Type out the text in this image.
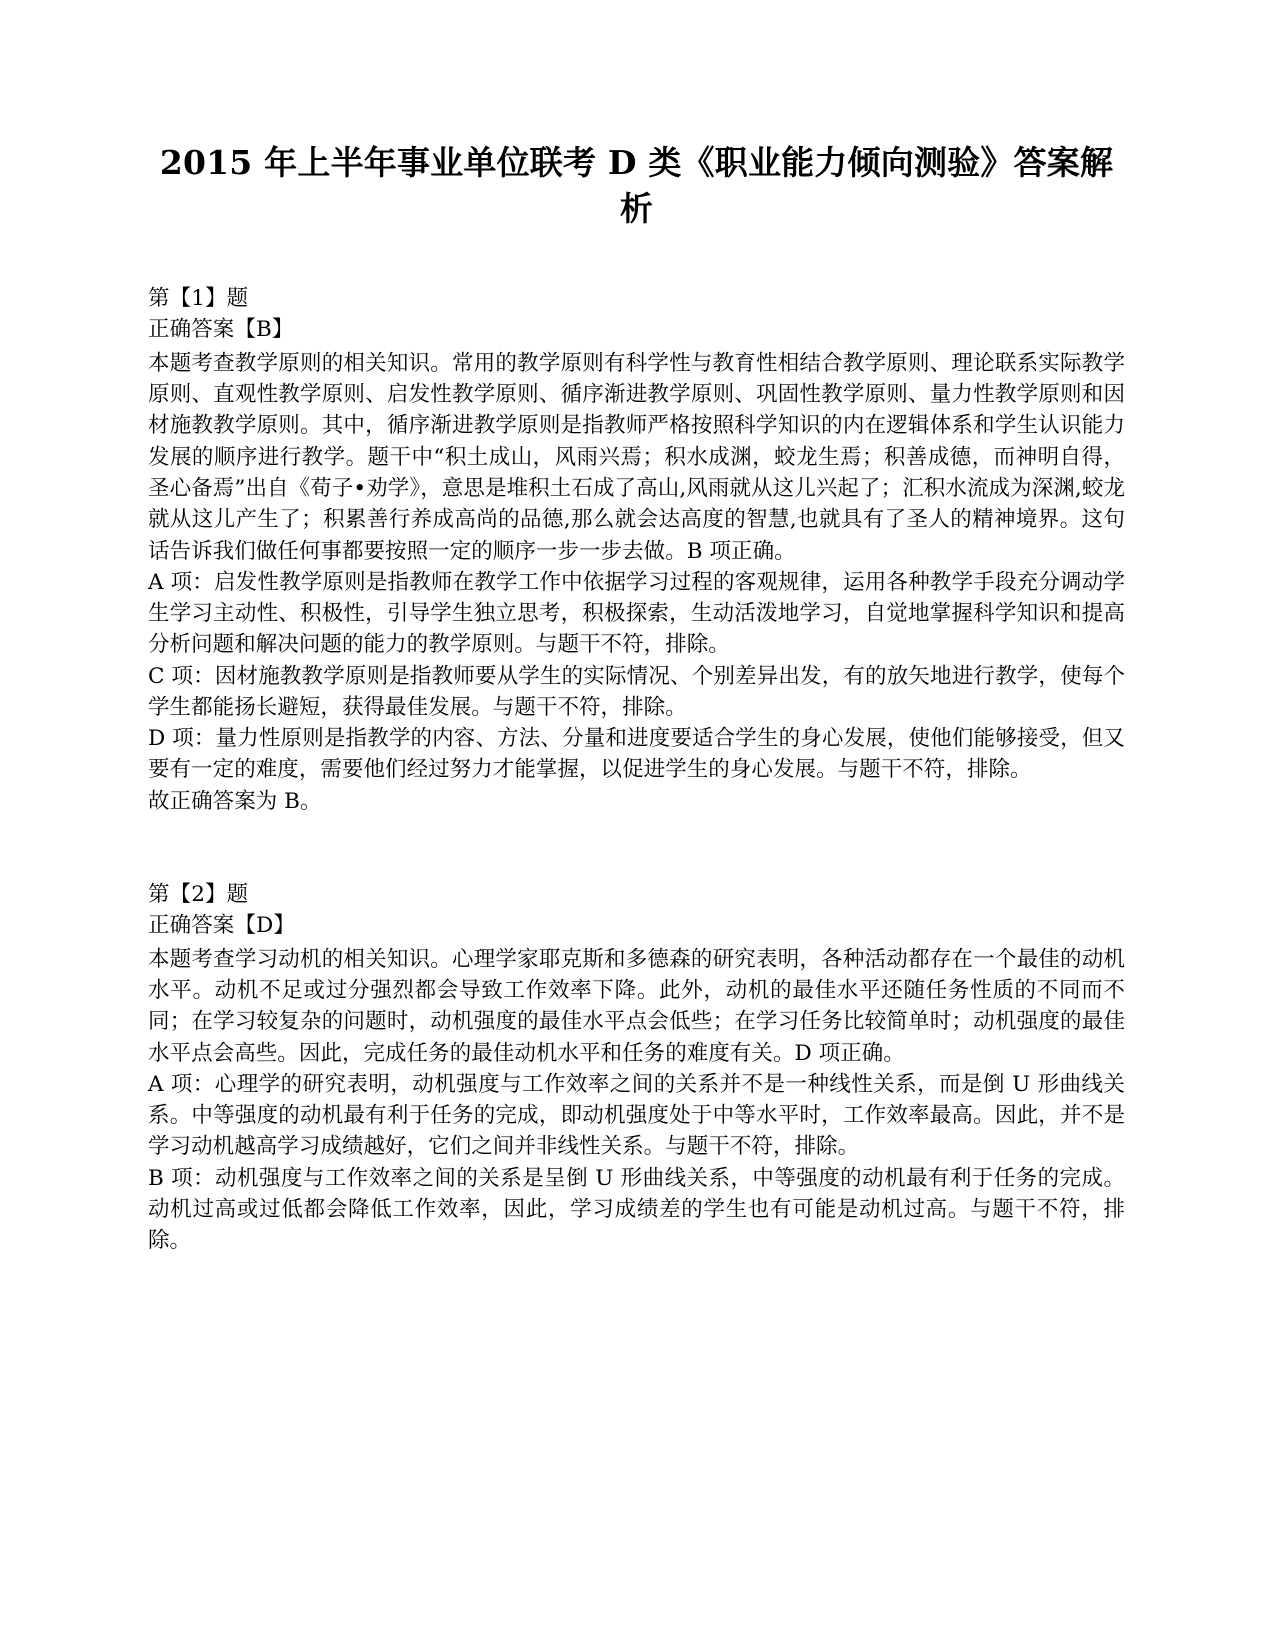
2015 年上半年事业单位联考 D 类《职业能力倾向测验》答案解析
第【1】题
正确答案【B】

本题考查教学原则的相关知识。常用的教学原则有科学性与教育性相结合教学原则、理论联系实际教学原则、直观性教学原则、启发性教学原则、循序渐进教学原则、巩固性教学原则、量力性教学原则和因材施教教学原则。其中，循序渐进教学原则是指教师严格按照科学知识的内在逻辑体系和学生认识能力发展的顺序进行教学。题干中“积土成山，风雨兴焉；积水成渊，蛟龙生焉；积善成德，而神明自得，圣心备焉”出自《荀子•劝学》，意思是堆积土石成了高山,风雨就从这儿兴起了；汇积水流成为深渊,蛟龙就从这儿产生了；积累善行养成高尚的品德,那么就会达高度的智慧,也就具有了圣人的精神境界。这句话告诉我们做任何事都要按照一定的顺序一步一步去做。B 项正确。

A 项：启发性教学原则是指教师在教学工作中依据学习过程的客观规律，运用各种教学手段充分调动学生学习主动性、积极性，引导学生独立思考，积极探索，生动活泼地学习，自觉地掌握科学知识和提高分析问题和解决问题的能力的教学原则。与题干不符，排除。

C 项：因材施教教学原则是指教师要从学生的实际情况、个别差异出发，有的放矢地进行教学，使每个学生都能扬长避短，获得最佳发展。与题干不符，排除。

D 项：量力性原则是指教学的内容、方法、分量和进度要适合学生的身心发展，使他们能够接受，但又要有一定的难度，需要他们经过努力才能掌握，以促进学生的身心发展。与题干不符，排除。

故正确答案为 B。

第【2】题
正确答案【D】

本题考查学习动机的相关知识。心理学家耶克斯和多德森的研究表明，各种活动都存在一个最佳的动机水平。动机不足或过分强烈都会导致工作效率下降。此外，动机的最佳水平还随任务性质的不同而不同；在学习较复杂的问题时，动机强度的最佳水平点会低些；在学习任务比较简单时；动机强度的最佳水平点会高些。因此，完成任务的最佳动机水平和任务的难度有关。D 项正确。

A 项：心理学的研究表明，动机强度与工作效率之间的关系并不是一种线性关系，而是倒 U 形曲线关系。中等强度的动机最有利于任务的完成，即动机强度处于中等水平时，工作效率最高。因此，并不是学习动机越高学习成绩越好，它们之间并非线性关系。与题干不符，排除。

B 项：动机强度与工作效率之间的关系是呈倒 U 形曲线关系，中等强度的动机最有利于任务的完成。动机过高或过低都会降低工作效率，因此，学习成绩差的学生也有可能是动机过高。与题干不符，排除。
